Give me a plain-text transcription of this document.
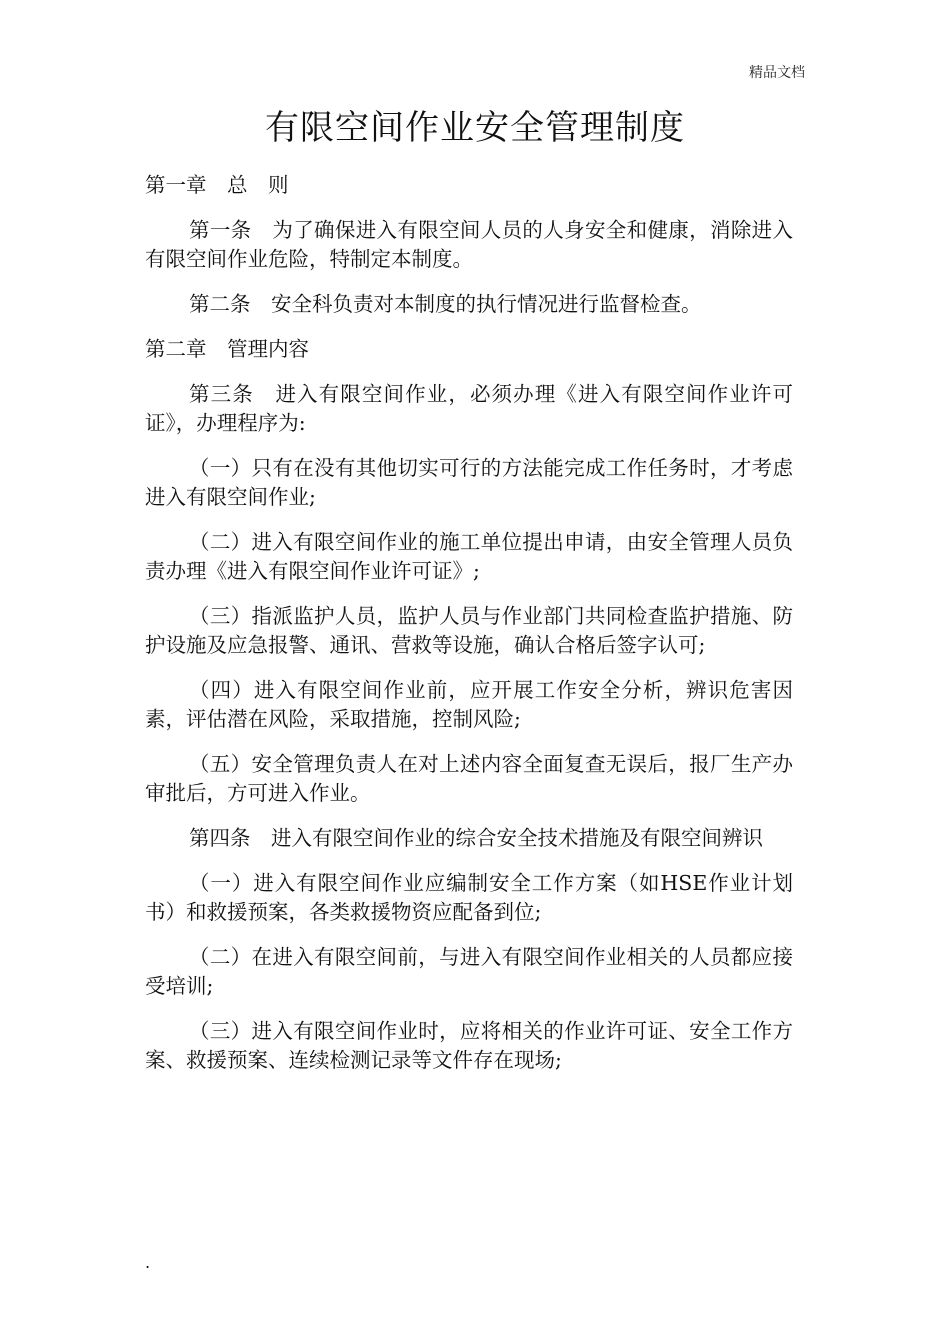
精品文档
有限空间作业安全管理制度

第一章　总　则

第一条　为了确保进入有限空间人员的人身安全和健康，消除进入有限空间作业危险，特制定本制度。

第二条　安全科负责对本制度的执行情况进行监督检查。

第二章　管理内容

第三条　进入有限空间作业，必须办理《进入有限空间作业许可证》，办理程序为:

（一）只有在没有其他切实可行的方法能完成工作任务时，才考虑进入有限空间作业;

（二）进入有限空间作业的施工单位提出申请，由安全管理人员负责办理《进入有限空间作业许可证》;

（三）指派监护人员，监护人员与作业部门共同检查监护措施、防护设施及应急报警、通讯、营救等设施，确认合格后签字认可;

（四）进入有限空间作业前，应开展工作安全分析，辨识危害因素，评估潜在风险，采取措施，控制风险;

（五）安全管理负责人在对上述内容全面复查无误后，报厂生产办审批后，方可进入作业。

第四条　进入有限空间作业的综合安全技术措施及有限空间辨识

（一）进入有限空间作业应编制安全工作方案（如HSE作业计划书）和救援预案，各类救援物资应配备到位;

（二）在进入有限空间前，与进入有限空间作业相关的人员都应接受培训;

（三）进入有限空间作业时，应将相关的作业许可证、安全工作方案、救援预案、连续检测记录等文件存在现场;

.
